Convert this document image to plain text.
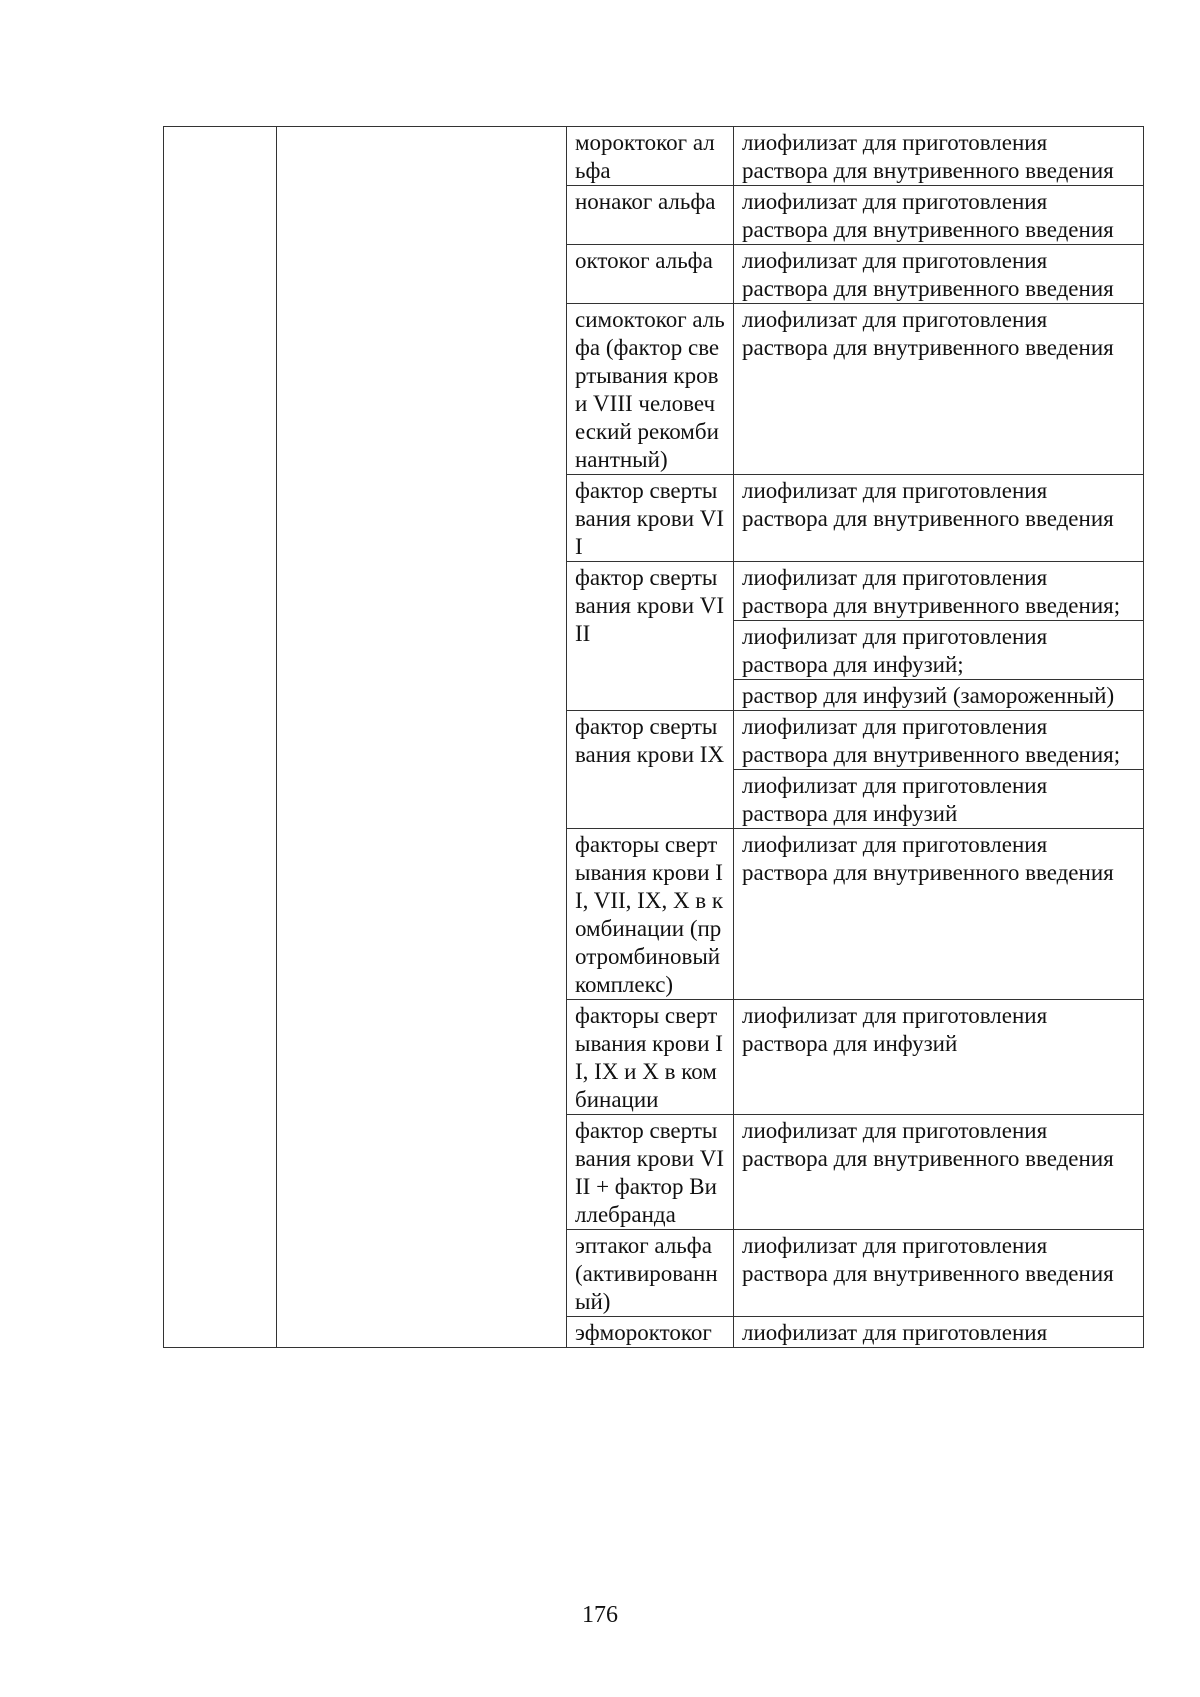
		мороктоког альфа	лиофилизат для приготовления раствора для внутривенного введения
		нонаког альфа	лиофилизат для приготовления раствора для внутривенного введения
		октоког альфа	лиофилизат для приготовления раствора для внутривенного введения
		симоктоког альфа (фактор свертывания крови VIII человеческий рекомбинантный)	лиофилизат для приготовления раствора для внутривенного введения
		фактор свертывания крови VII	лиофилизат для приготовления раствора для внутривенного введения
		фактор свертывания крови VIII	лиофилизат для приготовления раствора для внутривенного введения;
			лиофилизат для приготовления раствора для инфузий;
			раствор для инфузий (замороженный)
		фактор свертывания крови IX	лиофилизат для приготовления раствора для внутривенного введения;
			лиофилизат для приготовления раствора для инфузий
		факторы свертывания крови II, VII, IX, X в комбинации (протромбиновый комплекс)	лиофилизат для приготовления раствора для внутривенного введения
		факторы свертывания крови II, IX и X в комбинации	лиофилизат для приготовления раствора для инфузий
		фактор свертывания крови VIII + фактор Виллебранда	лиофилизат для приготовления раствора для внутривенного введения
		эптаког альфа (активированный)	лиофилизат для приготовления раствора для внутривенного введения
		эфмороктоког	лиофилизат для приготовления
176
